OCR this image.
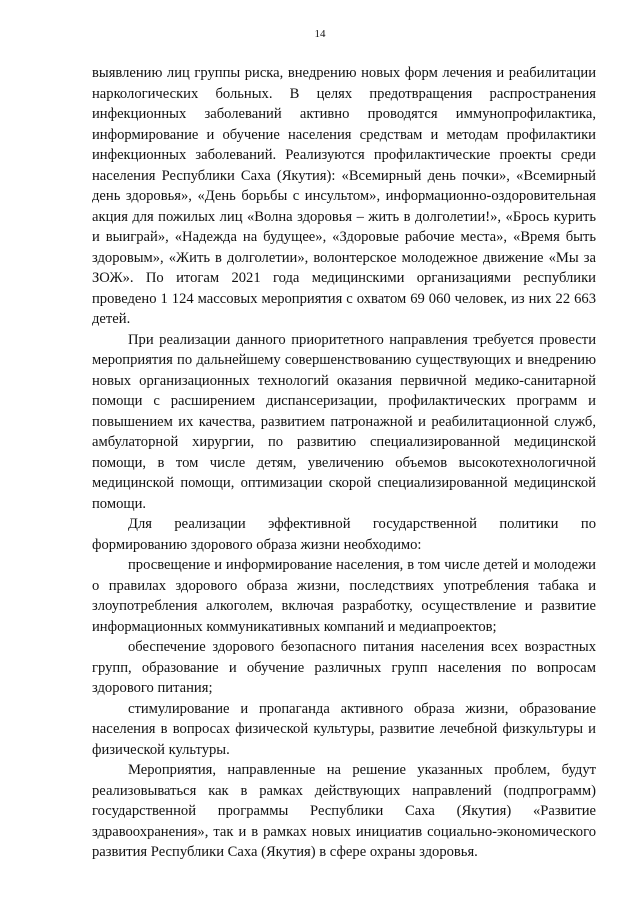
14

выявлению лиц группы риска, внедрению новых форм лечения и реабилитации наркологических больных. В целях предотвращения распространения инфекционных заболеваний активно проводятся иммунопрофилактика, информирование и обучение населения средствам и методам профилактики инфекционных заболеваний. Реализуются профилактические проекты среди населения Республики Саха (Якутия): «Всемирный день почки», «Всемирный день здоровья», «День борьбы с инсультом», информационно-оздоровительная акция для пожилых лиц «Волна здоровья – жить в долголетии!», «Брось курить и выиграй», «Надежда на будущее», «Здоровые рабочие места», «Время быть здоровым», «Жить в долголетии», волонтерское молодежное движение «Мы за ЗОЖ». По итогам 2021 года медицинскими организациями республики проведено 1 124 массовых мероприятия с охватом 69 060 человек, из них 22 663 детей.

При реализации данного приоритетного направления требуется провести мероприятия по дальнейшему совершенствованию существующих и внедрению новых организационных технологий оказания первичной медико-санитарной помощи с расширением диспансеризации, профилактических программ и повышением их качества, развитием патронажной и реабилитационной служб, амбулаторной хирургии, по развитию специализированной медицинской помощи, в том числе детям, увеличению объемов высокотехнологичной медицинской помощи, оптимизации скорой специализированной медицинской помощи.

Для реализации эффективной государственной политики по формированию здорового образа жизни необходимо:

просвещение и информирование населения, в том числе детей и молодежи о правилах здорового образа жизни, последствиях употребления табака и злоупотребления алкоголем, включая разработку, осуществление и развитие информационных коммуникативных компаний и медиапроектов;

обеспечение здорового безопасного питания населения всех возрастных групп, образование и обучение различных групп населения по вопросам здорового питания;

стимулирование и пропаганда активного образа жизни, образование населения в вопросах физической культуры, развитие лечебной физкультуры и физической культуры.

Мероприятия, направленные на решение указанных проблем, будут реализовываться как в рамках действующих направлений (подпрограмм) государственной программы Республики Саха (Якутия) «Развитие здравоохранения», так и в рамках новых инициатив социально-экономического развития Республики Саха (Якутия) в сфере охраны здоровья.
